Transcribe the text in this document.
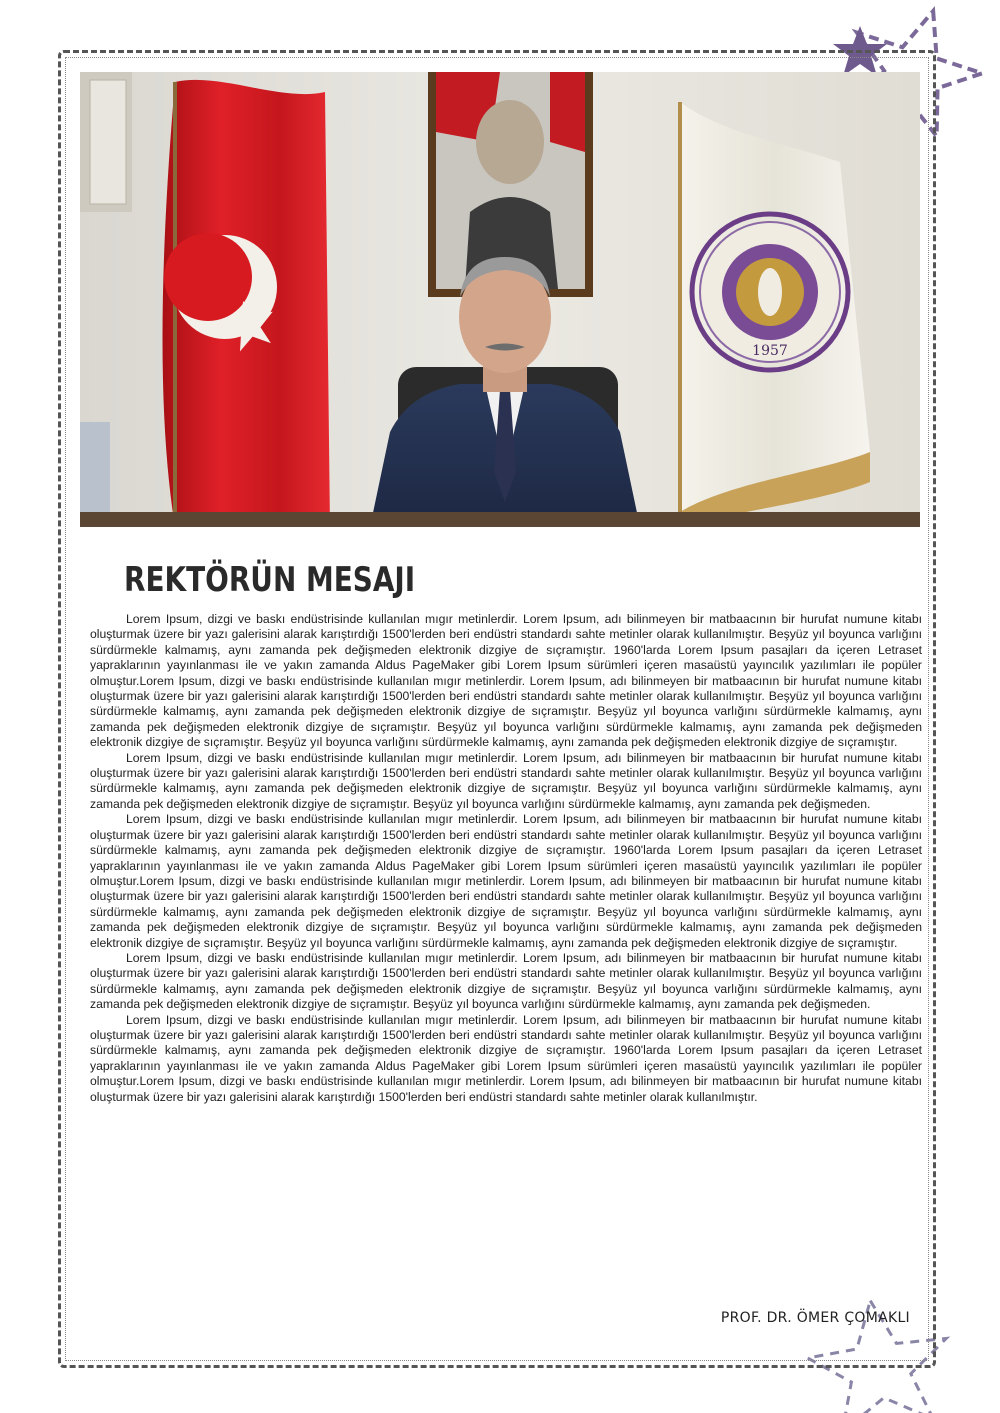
1957
REKTÖRÜN MESAJI

Lorem Ipsum, dizgi ve baskı endüstrisinde kullanılan mıgır metinlerdir. Lorem Ipsum, adı bilinmeyen bir matbaacının bir hurufat numune kitabı oluşturmak üzere bir yazı galerisini alarak karıştırdığı 1500'lerden beri endüstri standardı sahte metinler olarak kullanılmıştır. Beşyüz yıl boyunca varlığını sürdürmekle kalmamış, aynı zamanda pek değişmeden elektronik dizgiye de sıçramıştır. 1960'larda Lorem Ipsum pasajları da içeren Letraset yapraklarının yayınlanması ile ve yakın zamanda Aldus PageMaker gibi Lorem Ipsum sürümleri içeren masaüstü yayıncılık yazılımları ile popüler olmuştur.Lorem Ipsum, dizgi ve baskı endüstrisinde kullanılan mıgır metinlerdir. Lorem Ipsum, adı bilinmeyen bir matbaacının bir hurufat numune kitabı oluşturmak üzere bir yazı galerisini alarak karıştırdığı 1500'lerden beri endüstri standardı sahte metinler olarak kullanılmıştır. Beşyüz yıl boyunca varlığını sürdürmekle kalmamış, aynı zamanda pek değişmeden elektronik dizgiye de sıçramıştır. Beşyüz yıl boyunca varlığını sürdürmekle kalmamış, aynı zamanda pek değişmeden elektronik dizgiye de sıçramıştır. Beşyüz yıl boyunca varlığını sürdürmekle kalmamış, aynı zamanda pek değişmeden elektronik dizgiye de sıçramıştır. Beşyüz yıl boyunca varlığını sürdürmekle kalmamış, aynı zamanda pek değişmeden elektronik dizgiye de sıçramıştır.

Lorem Ipsum, dizgi ve baskı endüstrisinde kullanılan mıgır metinlerdir. Lorem Ipsum, adı bilinmeyen bir matbaacının bir hurufat numune kitabı oluşturmak üzere bir yazı galerisini alarak karıştırdığı 1500'lerden beri endüstri standardı sahte metinler olarak kullanılmıştır. Beşyüz yıl boyunca varlığını sürdürmekle kalmamış, aynı zamanda pek değişmeden elektronik dizgiye de sıçramıştır. Beşyüz yıl boyunca varlığını sürdürmekle kalmamış, aynı zamanda pek değişmeden elektronik dizgiye de sıçramıştır. Beşyüz yıl boyunca varlığını sürdürmekle kalmamış, aynı zamanda pek değişmeden.

Lorem Ipsum, dizgi ve baskı endüstrisinde kullanılan mıgır metinlerdir. Lorem Ipsum, adı bilinmeyen bir matbaacının bir hurufat numune kitabı oluşturmak üzere bir yazı galerisini alarak karıştırdığı 1500'lerden beri endüstri standardı sahte metinler olarak kullanılmıştır. Beşyüz yıl boyunca varlığını sürdürmekle kalmamış, aynı zamanda pek değişmeden elektronik dizgiye de sıçramıştır. 1960'larda Lorem Ipsum pasajları da içeren Letraset yapraklarının yayınlanması ile ve yakın zamanda Aldus PageMaker gibi Lorem Ipsum sürümleri içeren masaüstü yayıncılık yazılımları ile popüler olmuştur.Lorem Ipsum, dizgi ve baskı endüstrisinde kullanılan mıgır metinlerdir. Lorem Ipsum, adı bilinmeyen bir matbaacının bir hurufat numune kitabı oluşturmak üzere bir yazı galerisini alarak karıştırdığı 1500'lerden beri endüstri standardı sahte metinler olarak kullanılmıştır. Beşyüz yıl boyunca varlığını sürdürmekle kalmamış, aynı zamanda pek değişmeden elektronik dizgiye de sıçramıştır. Beşyüz yıl boyunca varlığını sürdürmekle kalmamış, aynı zamanda pek değişmeden elektronik dizgiye de sıçramıştır. Beşyüz yıl boyunca varlığını sürdürmekle kalmamış, aynı zamanda pek değişmeden elektronik dizgiye de sıçramıştır. Beşyüz yıl boyunca varlığını sürdürmekle kalmamış, aynı zamanda pek değişmeden elektronik dizgiye de sıçramıştır.

Lorem Ipsum, dizgi ve baskı endüstrisinde kullanılan mıgır metinlerdir. Lorem Ipsum, adı bilinmeyen bir matbaacının bir hurufat numune kitabı oluşturmak üzere bir yazı galerisini alarak karıştırdığı 1500'lerden beri endüstri standardı sahte metinler olarak kullanılmıştır. Beşyüz yıl boyunca varlığını sürdürmekle kalmamış, aynı zamanda pek değişmeden elektronik dizgiye de sıçramıştır. Beşyüz yıl boyunca varlığını sürdürmekle kalmamış, aynı zamanda pek değişmeden elektronik dizgiye de sıçramıştır. Beşyüz yıl boyunca varlığını sürdürmekle kalmamış, aynı zamanda pek değişmeden.

Lorem Ipsum, dizgi ve baskı endüstrisinde kullanılan mıgır metinlerdir. Lorem Ipsum, adı bilinmeyen bir matbaacının bir hurufat numune kitabı oluşturmak üzere bir yazı galerisini alarak karıştırdığı 1500'lerden beri endüstri standardı sahte metinler olarak kullanılmıştır. Beşyüz yıl boyunca varlığını sürdürmekle kalmamış, aynı zamanda pek değişmeden elektronik dizgiye de sıçramıştır. 1960'larda Lorem Ipsum pasajları da içeren Letraset yapraklarının yayınlanması ile ve yakın zamanda Aldus PageMaker gibi Lorem Ipsum sürümleri içeren masaüstü yayıncılık yazılımları ile popüler olmuştur.Lorem Ipsum, dizgi ve baskı endüstrisinde kullanılan mıgır metinlerdir. Lorem Ipsum, adı bilinmeyen bir matbaacının bir hurufat numune kitabı oluşturmak üzere bir yazı galerisini alarak karıştırdığı 1500'lerden beri endüstri standardı sahte metinler olarak kullanılmıştır.

PROF. DR. ÖMER ÇOMAKLI
